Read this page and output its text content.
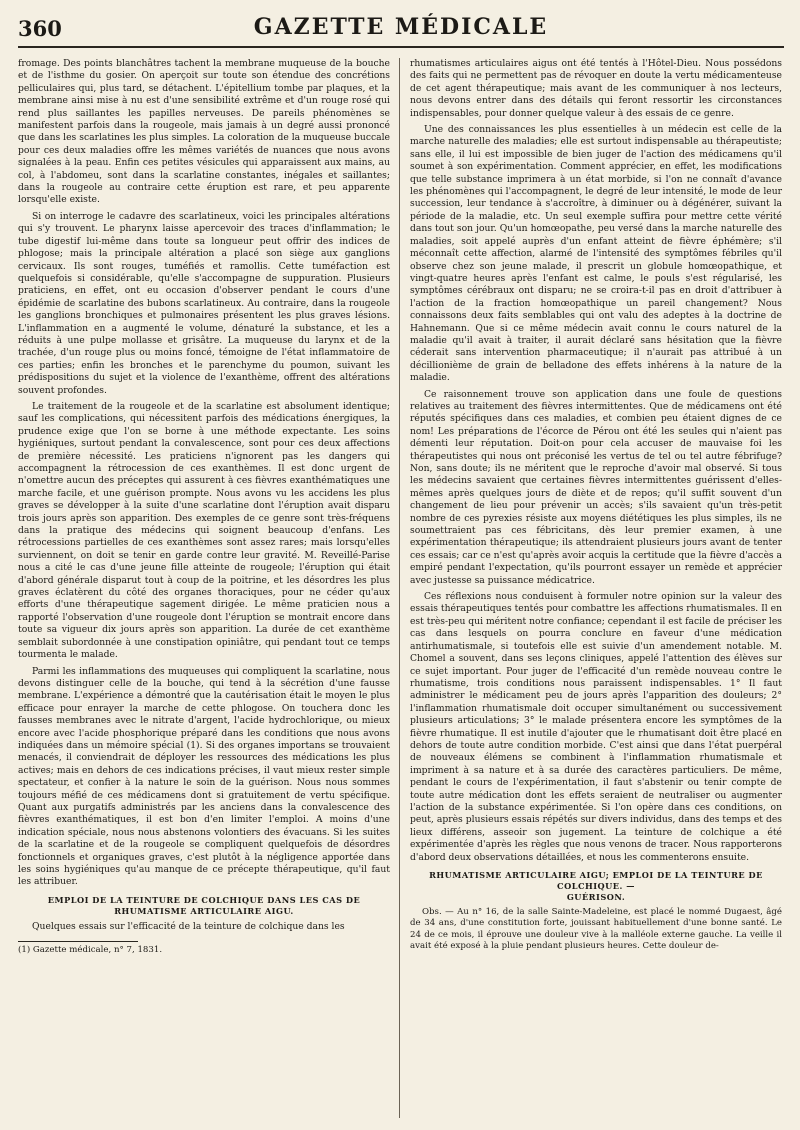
360	GAZETTE MÉDICALE

fromage. Des points blanchâtres tachent la membrane muqueuse de la bouche et de l'isthme du gosier. On aperçoit sur toute son étendue des concrétions pelliculaires qui, plus tard, se détachent. L'épitellium tombe par plaques, et la membrane ainsi mise à nu est d'une sensibilité extrême et d'un rouge rosé qui rend plus saillantes les papilles nerveuses. De pareils phénomènes se manifestent parfois dans la rougeole, mais jamais à un degré aussi prononcé que dans les scarlatines les plus simples. La coloration de la muqueuse buccale pour ces deux maladies offre les mêmes variétés de nuances que nous avons signalées à la peau. Enfin ces petites vésicules qui apparaissent aux mains, au col, à l'abdomeu, sont dans la scarlatine constantes, inégales et saillantes; dans la rougeole au contraire cette éruption est rare, et peu apparente lorsqu'elle existe.

Si on interroge le cadavre des scarlatineux, voici les principales altérations qui s'y trouvent. Le pharynx laisse apercevoir des traces d'inflammation; le tube digestif lui-même dans toute sa longueur peut offrir des indices de phlogose; mais la principale altération a placé son siège aux ganglions cervicaux. Ils sont rouges, tuméfiés et ramollis. Cette tuméfaction est quelquefois si considérable, qu'elle s'accompagne de suppuration. Plusieurs praticiens, en effet, ont eu occasion d'observer pendant le cours d'une épidémie de scarlatine des bubons scarlatineux. Au contraire, dans la rougeole les ganglions bronchiques et pulmonaires présentent les plus graves lésions. L'inflammation en a augmenté le volume, dénaturé la substance, et les a réduits à une pulpe mollasse et grisâtre. La muqueuse du larynx et de la trachée, d'un rouge plus ou moins foncé, témoigne de l'état inflammatoire de ces parties; enfin les bronches et le parenchyme du poumon, suivant les prédispositions du sujet et la violence de l'exanthème, offrent des altérations souvent profondes.

Le traitement de la rougeole et de la scarlatine est absolument identique; sauf les complications, qui nécessitent parfois des médications énergiques, la prudence exige que l'on se borne à une méthode expectante. Les soins hygiéniques, surtout pendant la convalescence, sont pour ces deux affections de première nécessité. Les praticiens n'ignorent pas les dangers qui accompagnent la rétrocession de ces exanthèmes. Il est donc urgent de n'omettre aucun des préceptes qui assurent à ces fièvres exanthématiques une marche facile, et une guérison prompte. Nous avons vu les accidens les plus graves se développer à la suite d'une scarlatine dont l'éruption avait disparu trois jours après son apparition. Des exemples de ce genre sont très-fréquens dans la pratique des médecins qui soignent beaucoup d'enfans. Les rétrocessions partielles de ces exanthèmes sont assez rares; mais lorsqu'elles surviennent, on doit se tenir en garde contre leur gravité. M. Reveillé-Parise nous a cité le cas d'une jeune fille atteinte de rougeole; l'éruption qui était d'abord générale disparut tout à coup de la poitrine, et les désordres les plus graves éclatèrent du côté des organes thoraciques, pour ne céder qu'aux efforts d'une thérapeutique sagement dirigée. Le même praticien nous a rapporté l'observation d'une rougeole dont l'éruption se montrait encore dans toute sa vigueur dix jours après son apparition. La durée de cet exanthème semblait subordonnée à une constipation opiniâtre, qui pendant tout ce temps tourmenta le malade.

Parmi les inflammations des muqueuses qui compliquent la scarlatine, nous devons distinguer celle de la bouche, qui tend à la sécrétion d'une fausse membrane. L'expérience a démontré que la cautérisation était le moyen le plus efficace pour enrayer la marche de cette phlogose. On touchera donc les fausses membranes avec le nitrate d'argent, l'acide hydrochlorique, ou mieux encore avec l'acide phosphorique préparé dans les conditions que nous avons indiquées dans un mémoire spécial (1). Si des organes importans se trouvaient menacés, il conviendrait de déployer les ressources des médications les plus actives; mais en dehors de ces indications précises, il vaut mieux rester simple spectateur, et confier à la nature le soin de la guérison. Nous nous sommes toujours méfié de ces médicamens dont si gratuitement de vertu spécifique. Quant aux purgatifs administrés par les anciens dans la convalescence des fièvres exanthématiques, il est bon d'en limiter l'emploi. A moins d'une indication spéciale, nous nous abstenons volontiers des évacuans. Si les suites de la scarlatine et de la rougeole se compliquent quelquefois de désordres fonctionnels et organiques graves, c'est plutôt à la négligence apportée dans les soins hygiéniques qu'au manque de ce précepte thérapeutique, qu'il faut les attribuer.

EMPLOI DE LA TEINTURE DE COLCHIQUE DANS LES CAS DE RHUMATISME ARTICULAIRE AIGU.

Quelques essais sur l'efficacité de la teinture de colchique dans les

(1) Gazette médicale, n° 7, 1831.

rhumatismes articulaires aigus ont été tentés à l'Hôtel-Dieu. Nous possédons des faits qui ne permettent pas de révoquer en doute la vertu médicamenteuse de cet agent thérapeutique; mais avant de les communiquer à nos lecteurs, nous devons entrer dans des détails qui feront ressortir les circonstances indispensables, pour donner quelque valeur à des essais de ce genre.

Une des connaissances les plus essentielles à un médecin est celle de la marche naturelle des maladies; elle est surtout indispensable au thérapeutiste; sans elle, il lui est impossible de bien juger de l'action des médicamens qu'il soumet à son expérimentation. Comment apprécier, en effet, les modifications que telle substance imprimera à un état morbide, si l'on ne connaît d'avance les phénomènes qui l'accompagnent, le degré de leur intensité, le mode de leur succession, leur tendance à s'accroître, à diminuer ou à dégénérer, suivant la période de la maladie, etc. Un seul exemple suffira pour mettre cette vérité dans tout son jour. Qu'un homœopathe, peu versé dans la marche naturelle des maladies, soit appelé auprès d'un enfant atteint de fièvre éphémère; s'il méconnaît cette affection, alarmé de l'intensité des symptômes fébriles qu'il observe chez son jeune malade, il prescrit un globule homœopathique, et vingt-quatre heures après l'enfant est calme, le pouls s'est régularisé, les symptômes cérébraux ont disparu; ne se croira-t-il pas en droit d'attribuer à l'action de la fraction homœopathique un pareil changement? Nous connaissons deux faits semblables qui ont valu des adeptes à la doctrine de Hahnemann. Que si ce même médecin avait connu le cours naturel de la maladie qu'il avait à traiter, il aurait déclaré sans hésitation que la fièvre céderait sans intervention pharmaceutique; il n'aurait pas attribué à un décillionième de grain de belladone des effets inhérens à la nature de la maladie.

Ce raisonnement trouve son application dans une foule de questions relatives au traitement des fièvres intermittentes. Que de médicamens ont été réputés spécifiques dans ces maladies, et combien peu étaient dignes de ce nom! Les préparations de l'écorce de Pérou ont été les seules qui n'aient pas démenti leur réputation. Doit-on pour cela accuser de mauvaise foi les thérapeutistes qui nous ont préconisé les vertus de tel ou tel autre fébrifuge? Non, sans doute; ils ne méritent que le reproche d'avoir mal observé. Si tous les médecins savaient que certaines fièvres intermittentes guérissent d'elles-mêmes après quelques jours de diète et de repos; qu'il suffit souvent d'un changement de lieu pour prévenir un accès; s'ils savaient qu'un très-petit nombre de ces pyrexies résiste aux moyens diététiques les plus simples, ils ne soumettraient pas ces fébricitans, dès leur premier examen, à une expérimentation thérapeutique; ils attendraient plusieurs jours avant de tenter ces essais; car ce n'est qu'après avoir acquis la certitude que la fièvre d'accès a empiré pendant l'expectation, qu'ils pourront essayer un remède et apprécier avec justesse sa puissance médicatrice.

Ces réflexions nous conduisent à formuler notre opinion sur la valeur des essais thérapeutiques tentés pour combattre les affections rhumatismales. Il en est très-peu qui méritent notre confiance; cependant il est facile de préciser les cas dans lesquels on pourra conclure en faveur d'une médication antirhumatismale, si toutefois elle est suivie d'un amendement notable. M. Chomel a souvent, dans ses leçons cliniques, appelé l'attention des élèves sur ce sujet important. Pour juger de l'efficacité d'un remède nouveau contre le rhumatisme, trois conditions nous paraissent indispensables. 1° Il faut administrer le médicament peu de jours après l'apparition des douleurs; 2° l'inflammation rhumatismale doit occuper simultanément ou successivement plusieurs articulations; 3° le malade présentera encore les symptômes de la fièvre rhumatique. Il est inutile d'ajouter que le rhumatisant doit être placé en dehors de toute autre condition morbide. C'est ainsi que dans l'état puerpéral de nouveaux élémens se combinent à l'inflammation rhumatismale et impriment à sa nature et à sa durée des caractères particuliers. De même, pendant le cours de l'expérimentation, il faut s'abstenir ou tenir compte de toute autre médication dont les effets seraient de neutraliser ou augmenter l'action de la substance expérimentée. Si l'on opère dans ces conditions, on peut, après plusieurs essais répétés sur divers individus, dans des temps et des lieux différens, asseoir son jugement. La teinture de colchique a été expérimentée d'après les règles que nous venons de tracer. Nous rapporterons d'abord deux observations détaillées, et nous les commenterons ensuite.

RHUMATISME ARTICULAIRE AIGU; EMPLOI DE LA TEINTURE DE COLCHIQUE. —
GUÉRISON.

Obs. — Au n° 16, de la salle Sainte-Madeleine, est placé le nommé Dugaest, âgé de 34 ans, d'une constitution forte, jouissant habituellement d'une bonne santé. Le 24 de ce mois, il éprouve une douleur vive à la malléole externe gauche. La veille il avait été exposé à la pluie pendant plusieurs heures. Cette douleur de-
